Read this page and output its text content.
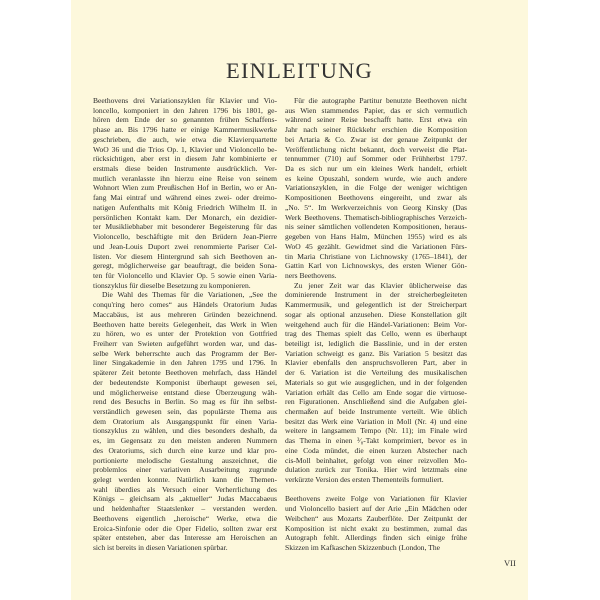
EINLEITUNG
Beethovens drei Variationszyklen für Klavier und Vio-
loncello, komponiert in den Jahren 1796 bis 1801, ge-
hören dem Ende der so genannten frühen Schaffens-
phase an. Bis 1796 hatte er einige Kammermusikwerke
geschrieben, die auch, wie etwa die Klavierquartette
WoO 36 und die Trios Op. 1, Klavier und Violoncello be-
rücksichtigen, aber erst in diesem Jahr kombinierte er
erstmals diese beiden Instrumente ausdrücklich. Ver-
mutlich veranlasste ihn hierzu eine Reise von seinem
Wohnort Wien zum Preußischen Hof in Berlin, wo er An-
fang Mai eintraf und während eines zwei- oder dreimo-
natigen Aufenthalts mit König Friedrich Wilhelm II. in
persönlichen Kontakt kam. Der Monarch, ein dezidier-
ter Musikliebhaber mit besonderer Begeisterung für das
Violoncello, beschäftigte mit den Brüdern Jean-Pierre
und Jean-Louis Duport zwei renommierte Pariser Cel-
listen. Vor diesem Hintergrund sah sich Beethoven an-
geregt, möglicherweise gar beauftragt, die beiden Sona-
ten für Violoncello und Klavier Op. 5 sowie einen Varia-
tionszyklus für dieselbe Besetzung zu komponieren.
Die Wahl des Themas für die Variationen, „See the
conqu'ring hero comes“ aus Händels Oratorium Judas
Maccabäus, ist aus mehreren Gründen bezeichnend.
Beethoven hatte bereits Gelegenheit, das Werk in Wien
zu hören, wo es unter der Protektion von Gottfried
Freiherr van Swieten aufgeführt worden war, und das-
selbe Werk beherrschte auch das Programm der Ber-
liner Singakademie in den Jahren 1795 und 1796. In
späterer Zeit betonte Beethoven mehrfach, dass Händel
der bedeutendste Komponist überhaupt gewesen sei,
und möglicherweise entstand diese Überzeugung wäh-
rend des Besuchs in Berlin. So mag es für ihn selbst-
verständlich gewesen sein, das populärste Thema aus
dem Oratorium als Ausgangspunkt für einen Varia-
tionszyklus zu wählen, und dies besonders deshalb, da
es, im Gegensatz zu den meisten anderen Nummern
des Oratoriums, sich durch eine kurze und klar pro-
portionierte melodische Gestaltung auszeichnet, die
problemlos einer variativen Ausarbeitung zugrunde
gelegt werden konnte. Natürlich kann die Themen-
wahl überdies als Versuch einer Verherrlichung des
Königs – gleichsam als „aktueller“ Judas Maccabaeus
und heldenhafter Staatslenker – verstanden werden.
Beethovens eigentlich „heroische“ Werke, etwa die
Eroica-Sinfonie oder die Oper Fidelio, sollten zwar erst
später entstehen, aber das Interesse am Heroischen an
sich ist bereits in diesen Variationen spürbar.
Für die autographe Partitur benutzte Beethoven nicht
aus Wien stammendes Papier, das er sich vermutlich
während seiner Reise beschafft hatte. Erst etwa ein
Jahr nach seiner Rückkehr erschien die Komposition
bei Artaria & Co. Zwar ist der genaue Zeitpunkt der
Veröffentlichung nicht bekannt, doch verweist die Plat-
tennummer (710) auf Sommer oder Frühherbst 1797.
Da es sich nur um ein kleines Werk handelt, erhielt
es keine Opuszahl, sondern wurde, wie auch andere
Variationszyklen, in die Folge der weniger wichtigen
Kompositionen Beethovens eingereiht, und zwar als
„No. 5“. Im Werkverzeichnis von Georg Kinsky (Das
Werk Beethovens. Thematisch-bibliographisches Verzeich-
nis seiner sämtlichen vollendeten Kompositionen, heraus-
gegeben von Hans Halm, München 1955) wird es als
WoO 45 gezählt. Gewidmet sind die Variationen Fürs-
tin Maria Christiane von Lichnowsky (1765–1841), der
Gattin Karl von Lichnowskys, des ersten Wiener Gön-
ners Beethovens.
Zu jener Zeit war das Klavier üblicherweise das
dominierende Instrument in der streicherbegleiteten
Kammermusik, und gelegentlich ist der Streicherpart
sogar als optional anzusehen. Diese Konstellation gilt
weitgehend auch für die Händel-Variationen: Beim Vor-
trag des Themas spielt das Cello, wenn es überhaupt
beteiligt ist, lediglich die Basslinie, und in der ersten
Variation schweigt es ganz. Bis Variation 5 besitzt das
Klavier ebenfalls den anspruchsvolleren Part, aber in
der 6. Variation ist die Verteilung des musikalischen
Materials so gut wie ausgeglichen, und in der folgenden
Variation erhält das Cello am Ende sogar die virtuose-
ren Figurationen. Anschließend sind die Aufgaben glei-
chermaßen auf beide Instrumente verteilt. Wie üblich
besitzt das Werk eine Variation in Moll (Nr. 4) und eine
weitere in langsamem Tempo (Nr. 11); im Finale wird
das Thema in einen ³⁄₈-Takt komprimiert, bevor es in
eine Coda mündet, die einen kurzen Abstecher nach
cis-Moll beinhaltet, gefolgt von einer reizvollen Mo-
dulation zurück zur Tonika. Hier wird letztmals eine
verkürzte Version des ersten Thementeils formuliert.
Beethovens zweite Folge von Variationen für Klavier
und Violoncello basiert auf der Arie „Ein Mädchen oder
Weibchen“ aus Mozarts Zauberflöte. Der Zeitpunkt der
Komposition ist nicht exakt zu bestimmen, zumal das
Autograph fehlt. Allerdings finden sich einige frühe
Skizzen im Kafkaschen Skizzenbuch (London, The
VII
